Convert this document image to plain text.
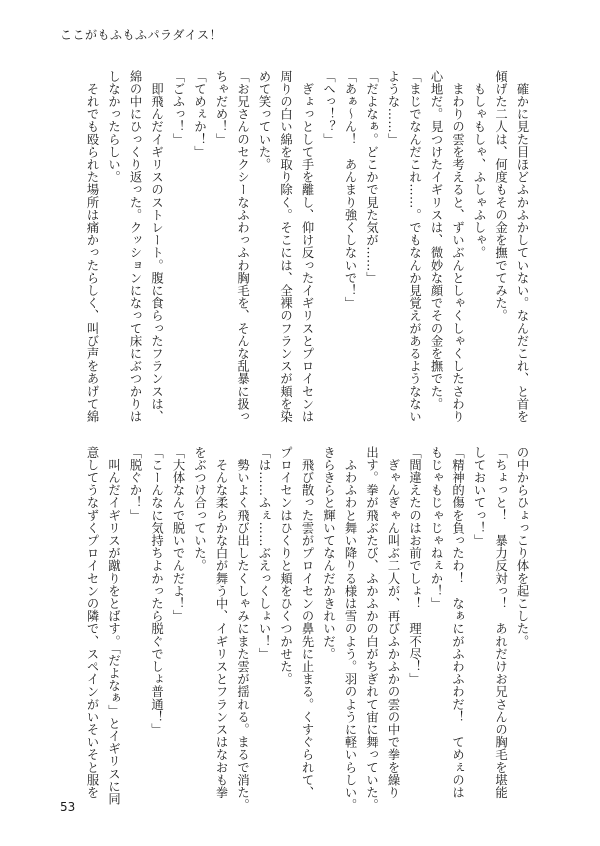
ここがもふもふパラダイス！
　確かに見た目ほどふかふかしていない。なんだこれ、と首を
傾げた二人は、何度もその金を撫でてみた。
　もしゃもしゃ、ふしゃふしゃ。
　まわりの雲を考えると、ずいぶんとしゃくしゃくしたさわり
心地だ。見つけたイギリスは、微妙な顔でその金を撫でた。
「まじでなんだこれ……。でもなんか見覚えがあるようなない
ような……」
「だよなぁ。どこかで見た気が……」
「あぁ～ん！　あんまり強くしないで！」
「へっ！？」
　ぎょっとして手を離し、仰け反ったイギリスとプロイセンは
周りの白い綿を取り除く。そこには、全裸のフランスが頬を染
めて笑っていた。
「お兄さんのセクシーなふわっふわ胸毛を、そんな乱暴に扱っ
ちゃだめ！」
「てめぇか！」
「ごふっ！」
　即飛んだイギリスのストレート。腹に食らったフランスは、
綿の中にひっくり返った。クッションになって床にぶつかりは
しなかったらしい。
　それでも殴られた場所は痛かったらしく、叫び声をあげて綿
の中からひょっこり体を起こした。
「ちょっと！　暴力反対っ！　あれだけお兄さんの胸毛を堪能
しておいてっ！」
「精神的傷を負ったわ！　なぁにがふわふわだ！　てめぇのは
もじゃもじゃじゃねぇか！」
「間違えたのはお前でしょ！　理不尽！」
　ぎゃんぎゃん叫ぶ二人が、再びふかふかの雲の中で拳を繰り
出す。拳が飛ぶたび、ふかふかの白がちぎれて宙に舞っていた。
　ふわふわと舞い降りる様は雪のよう。羽のように軽いらしい。
きらきらと輝いてなんだかきれいだ。
　飛び散った雲がプロイセンの鼻先に止まる。くすぐられて、
プロイセンはひくりと頬をひくつかせた。
「は……ふぇ……ぶえっくしょい！」
　勢いよく飛び出したくしゃみにまた雲が揺れる。まるで消た。
　そんな柔らかな白が舞う中、イギリスとフランスはなおも拳
をぶつけ合っていた。
「大体なんで脱いでんだよ！」
「こーんなに気持ちよかったら脱ぐでしょ普通！」
「脱ぐか！」
　叫んだイギリスが蹴りをとばす。「だよなぁ」とイギリスに同
意してうなずくプロイセンの隣で、スペインがいそいそと服を
53
